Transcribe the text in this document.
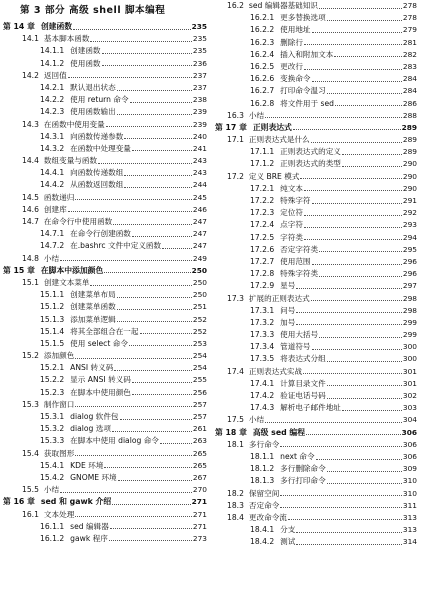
第 3 部分 高级 shell 脚本编程
第 14 章 创建函数	235
14.1 基本脚本函数	235
14.1.1 创建函数	235
14.1.2 使用函数	236
14.2 返回值	237
14.2.1 默认退出状态	237
14.2.2 使用 return 命令	238
14.2.3 使用函数输出	239
14.3 在函数中使用变量	239
14.3.1 向函数传递参数	240
14.3.2 在函数中处理变量	241
14.4 数组变量与函数	243
14.4.1 向函数传递数组	243
14.4.2 从函数返回数组	244
14.5 函数递归	245
14.6 创建库	246
14.7 在命令行中使用函数	247
14.7.1 在命令行创建函数	247
14.7.2 在.bashrc 文件中定义函数	247
14.8 小结	249
第 15 章 在脚本中添加颜色	250
15.1 创建文本菜单	250
15.1.1 创建菜单布局	250
15.1.2 创建菜单函数	251
15.1.3 添加菜单逻辑	252
15.1.4 将其全部组合在一起	252
15.1.5 使用 select 命令	253
15.2 添加颜色	254
15.2.1 ANSI 转义码	254
15.2.2 显示 ANSI 转义码	255
15.2.3 在脚本中使用颜色	256
15.3 制作窗口	257
15.3.1 dialog 软件包	257
15.3.2 dialog 选项	261
15.3.3 在脚本中使用 dialog 命令	263
15.4 获取图形	265
15.4.1 KDE 环境	265
15.4.2 GNOME 环境	267
15.5 小结	270
第 16 章 sed 和 gawk 介绍	271
16.1 文本处理	271
16.1.1 sed 编辑器	271
16.1.2 gawk 程序	273
16.2 sed 编辑器基础知识	278
16.2.1 更多替换选项	278
16.2.2 使用地址	279
16.2.3 删除行	281
16.2.4 插入和附加文本	282
16.2.5 更改行	283
16.2.6 变换命令	284
16.2.7 打印命令温习	284
16.2.8 将文件用于 sed	286
16.3 小结	288
第 17 章 正则表达式	289
17.1 正则表达式是什么	289
17.1.1 正则表达式的定义	289
17.1.2 正则表达式的类型	290
17.2 定义 BRE 模式	290
17.2.1 纯文本	290
17.2.2 特殊字符	291
17.2.3 定位符	292
17.2.4 点字符	293
17.2.5 字符类	294
17.2.6 否定字符类	295
17.2.7 使用范围	296
17.2.8 特殊字符类	296
17.2.9 星号	297
17.3 扩展的正则表达式	298
17.3.1 问号	298
17.3.2 加号	299
17.3.3 使用大括号	299
17.3.4 管道符号	300
17.3.5 将表达式分组	300
17.4 正则表达式实战	301
17.4.1 计算目录文件	301
17.4.2 验证电话号码	302
17.4.3 解析电子邮件地址	303
17.5 小结	304
第 18 章 高级 sed 编程	306
18.1 多行命令	306
18.1.1 next 命令	306
18.1.2 多行删除命令	309
18.1.3 多行打印命令	310
18.2 保留空间	310
18.3 否定命令	311
18.4 更改命令流	313
18.4.1 分支	313
18.4.2 测试	314
